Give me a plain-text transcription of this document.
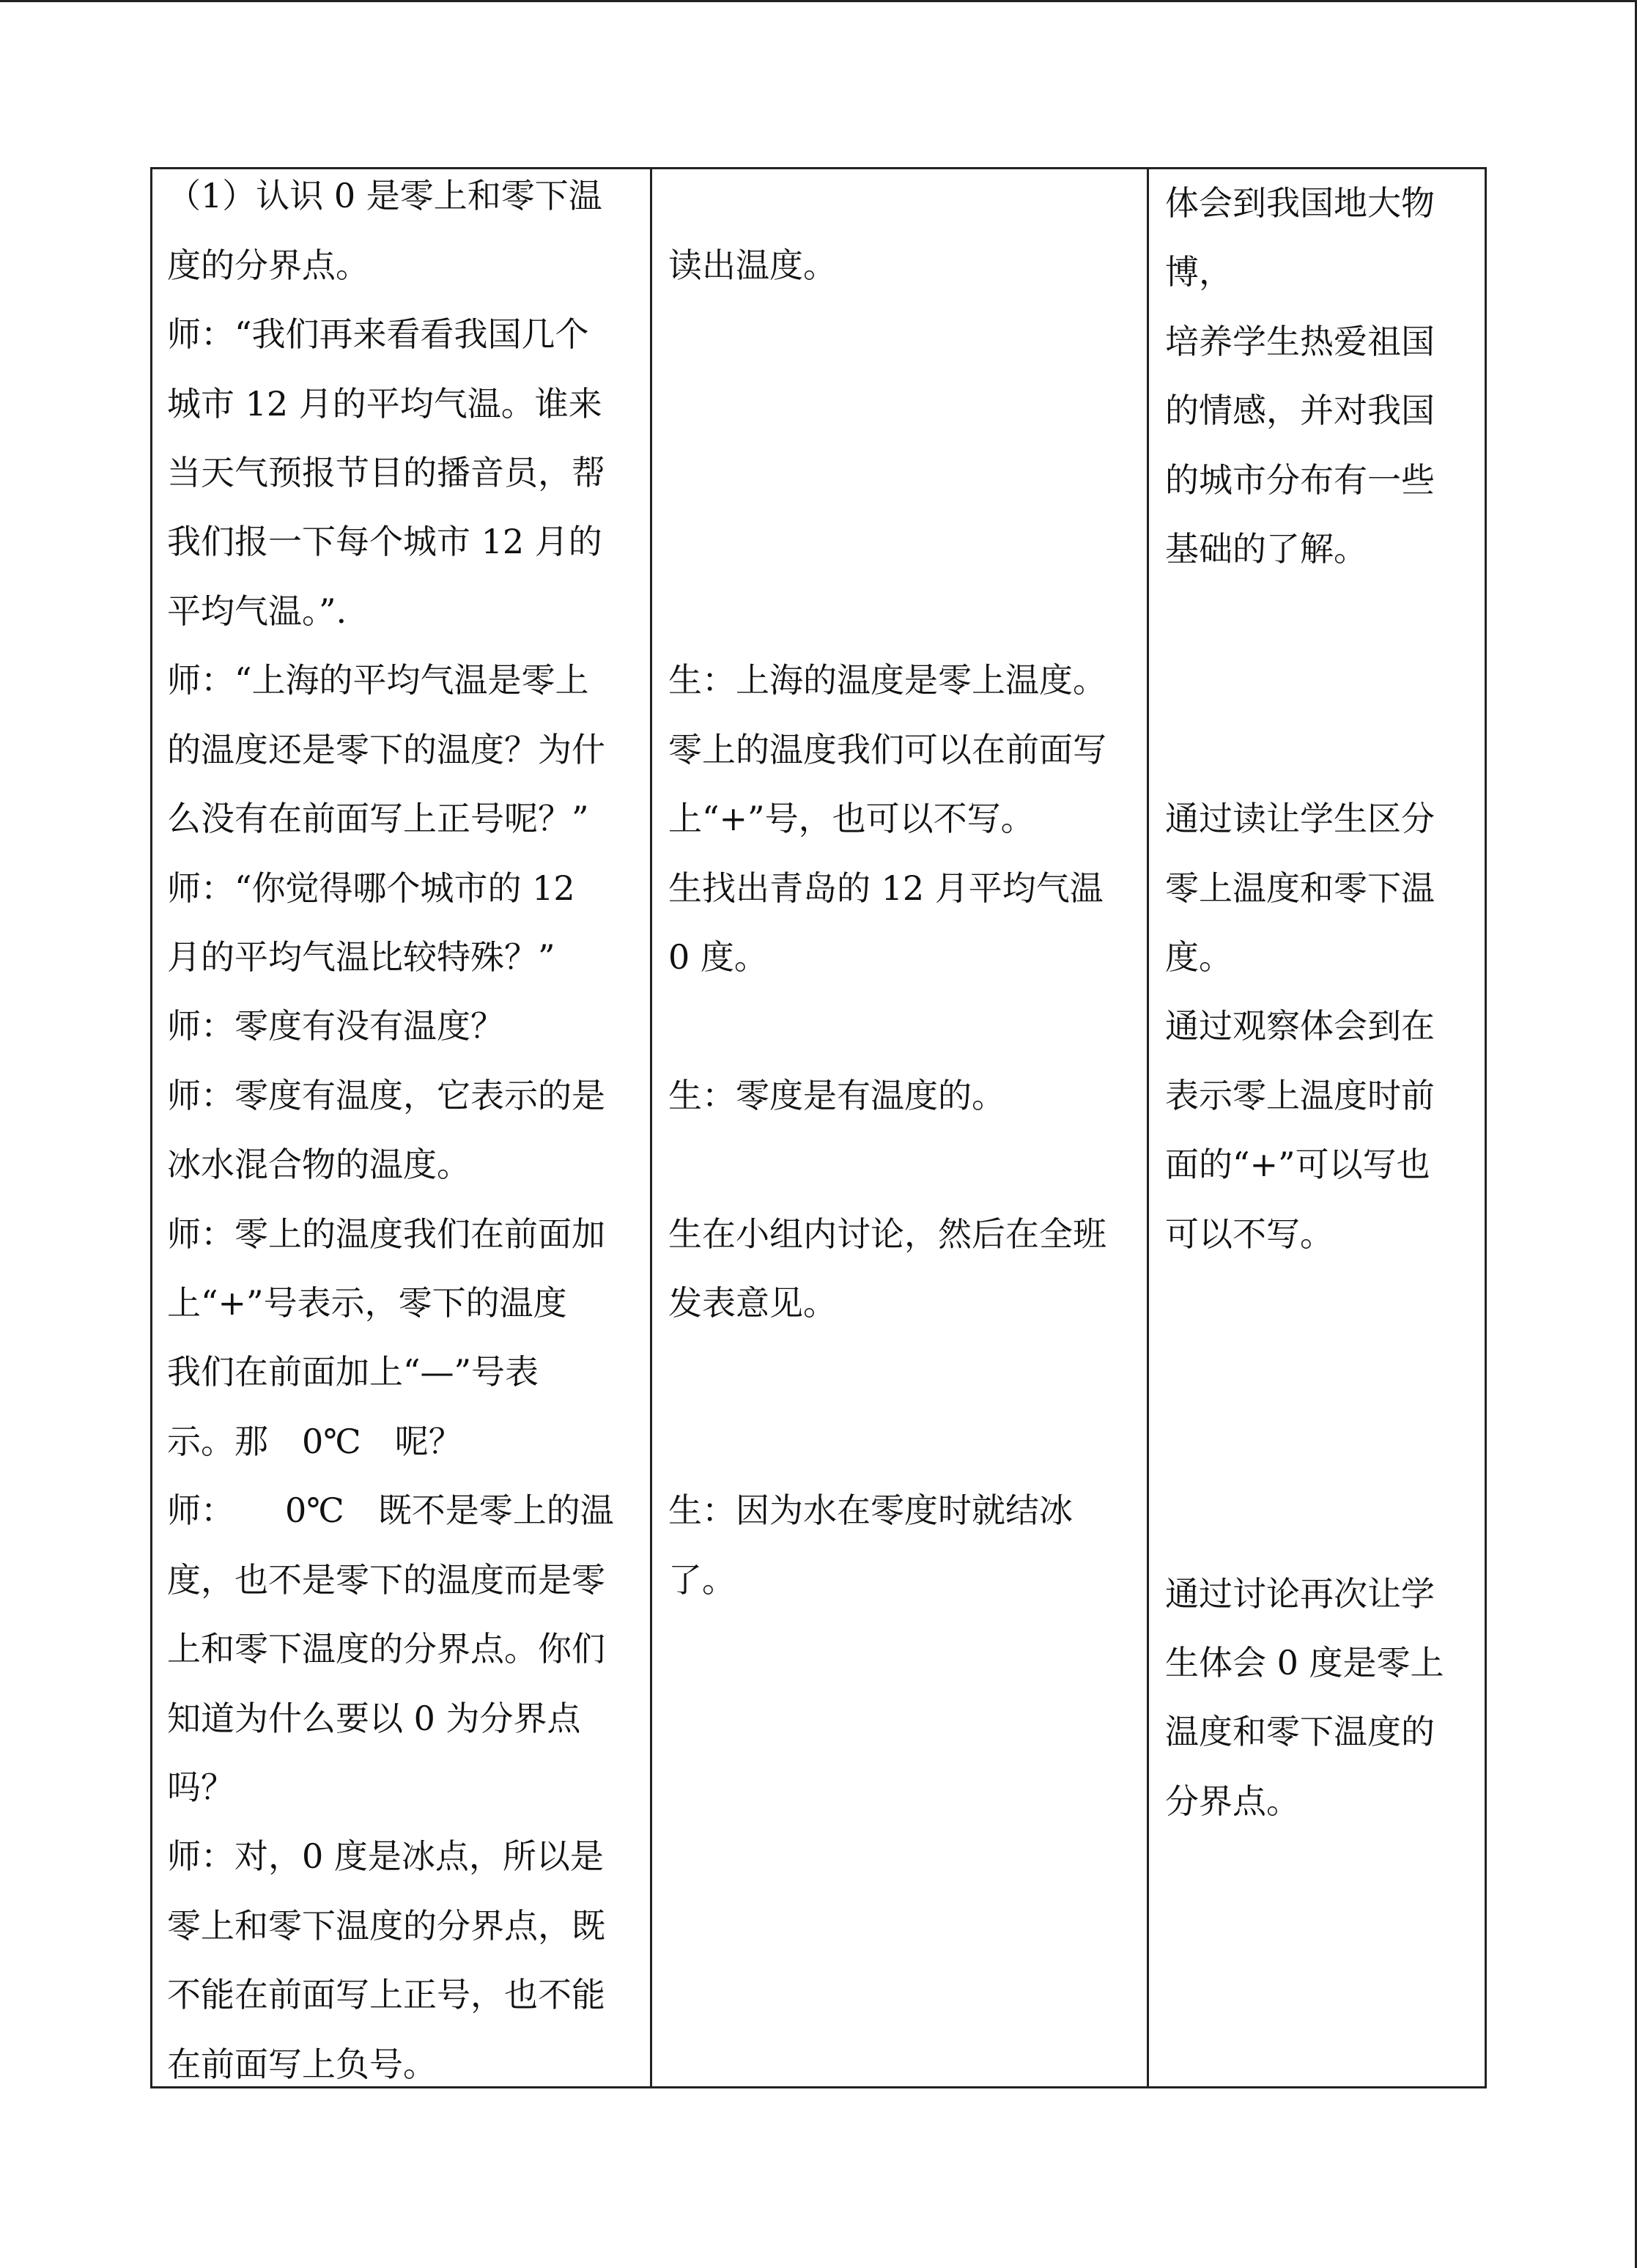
（1）认识 0 是零上和零下温
度的分界点。
师：“我们再来看看我国几个
城市 12 月的平均气温。谁来
当天气预报节目的播音员，帮
我们报一下每个城市 12 月的
平均气温。”.
师：“上海的平均气温是零上
的温度还是零下的温度？为什
么没有在前面写上正号呢？”
师：“你觉得哪个城市的 12
月的平均气温比较特殊？”
师：零度有没有温度？
师：零度有温度，它表示的是
冰水混合物的温度。
师：零上的温度我们在前面加
上“+”号表示，零下的温度
我们在前面加上“—”号表
示。那　0℃　呢？
师：　　0℃　既不是零上的温
度，也不是零下的温度而是零
上和零下温度的分界点。你们
知道为什么要以 0 为分界点
吗？
师：对，0 度是冰点，所以是
零上和零下温度的分界点，既
不能在前面写上正号，也不能
在前面写上负号。
读出温度。
生：上海的温度是零上温度。
零上的温度我们可以在前面写
上“+”号，也可以不写。
生找出青岛的 12 月平均气温
0 度。
生：零度是有温度的。
生在小组内讨论，然后在全班
发表意见。
生：因为水在零度时就结冰
了。
体会到我国地大物
博，
培养学生热爱祖国
的情感，并对我国
的城市分布有一些
基础的了解。
通过读让学生区分
零上温度和零下温
度。
通过观察体会到在
表示零上温度时前
面的“+”可以写也
可以不写。
通过讨论再次让学
生体会 0 度是零上
温度和零下温度的
分界点。
